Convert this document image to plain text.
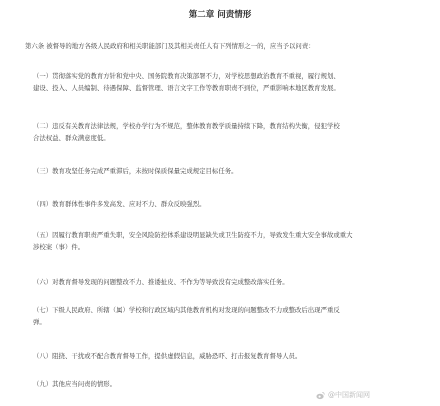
第二章 问责情形
第六条 被督导的地方各级人民政府和相关职能部门及其相关责任人有下列情形之一的，应当予以问责：
（一）贯彻落实党的教育方针和党中央、国务院教育决策部署不力，对学校思想政治教育不重视，履行规划、
建设、投入、人员编制、待遇保障、监督管理、语言文字工作等教育职责不到位，严重影响本地区教育发展。
（二）违反有关教育法律法规，学校办学行为不规范，整体教育教学质量持续下降，教育结构失衡，侵犯学校
合法权益、群众满意度低。
（三）教育攻坚任务完成严重滞后，未按时保质保量完成规定目标任务。
（四）教育群体性事件多发高发、应对不力、群众反映强烈。
（五）因履行教育职责严重失职，安全风险防控体系建设明显缺失或卫生防疫不力，导致发生重大安全事故或重大
涉校案（事）件。
（六）对教育督导发现的问题整改不力、推诿扯皮、不作为等导致没有完成整改落实任务。
（七）下级人民政府、所辖（属）学校和行政区域内其他教育机构对发现的问题整改不力或整改后出现严重反
弹。
（八）阻挠、干扰或不配合教育督导工作，提供虚假信息，威胁恐吓、打击报复教育督导人员。
（九）其他应当问责的情形。
@中国新闻网
